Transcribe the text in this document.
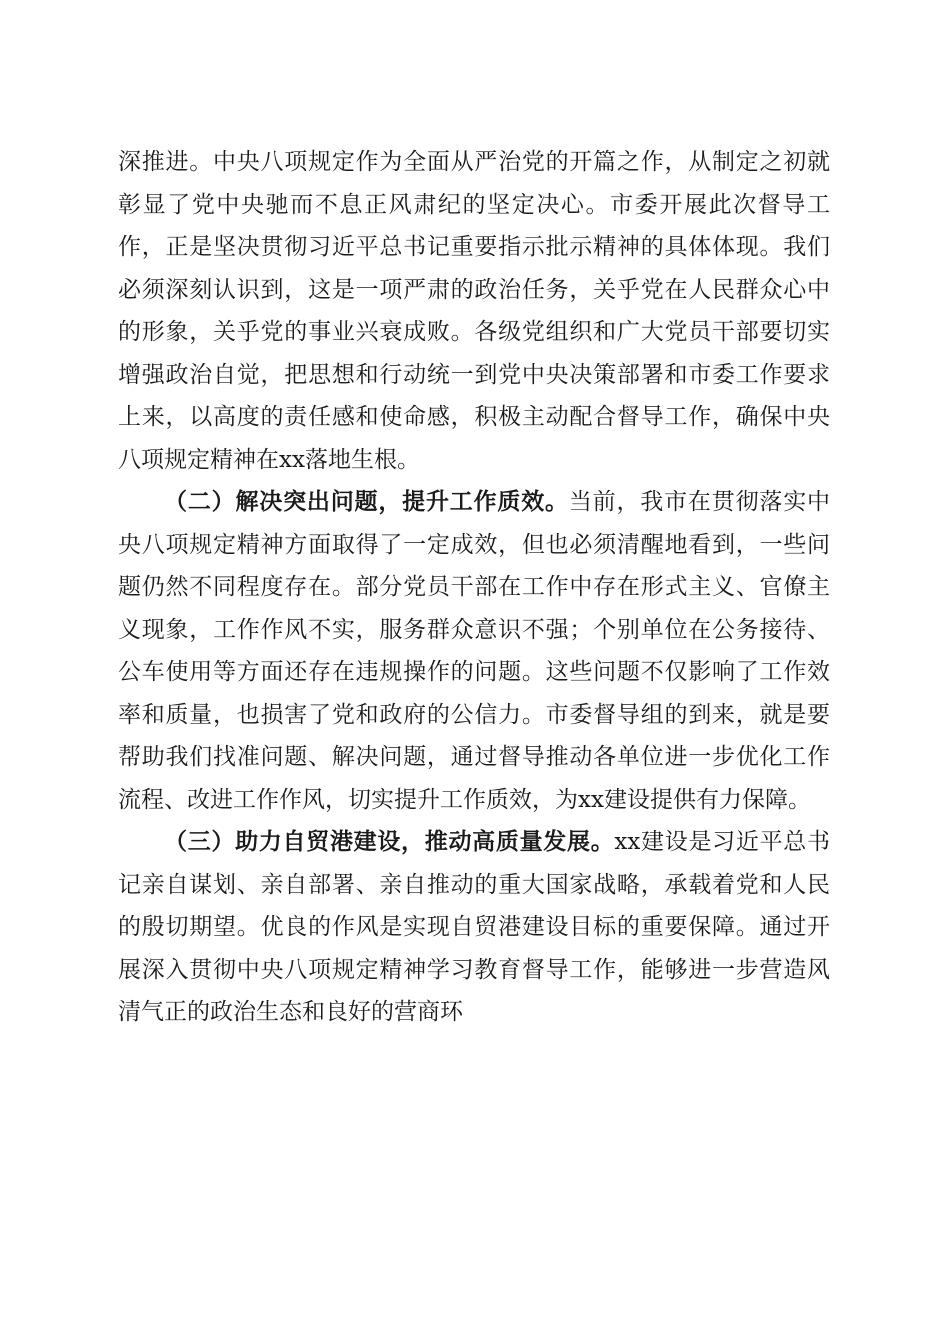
深推进。中央八项规定作为全面从严治党的开篇之作，从制定之初就彰显了党中央驰而不息正风肃纪的坚定决心。市委开展此次督导工作，正是坚决贯彻习近平总书记重要指示批示精神的具体体现。我们必须深刻认识到，这是一项严肃的政治任务，关乎党在人民群众心中的形象，关乎党的事业兴衰成败。各级党组织和广大党员干部要切实增强政治自觉，把思想和行动统一到党中央决策部署和市委工作要求上来，以高度的责任感和使命感，积极主动配合督导工作，确保中央八项规定精神在xx落地生根。

（二）解决突出问题，提升工作质效。当前，我市在贯彻落实中央八项规定精神方面取得了一定成效，但也必须清醒地看到，一些问题仍然不同程度存在。部分党员干部在工作中存在形式主义、官僚主义现象，工作作风不实，服务群众意识不强；个别单位在公务接待、公车使用等方面还存在违规操作的问题。这些问题不仅影响了工作效率和质量，也损害了党和政府的公信力。市委督导组的到来，就是要帮助我们找准问题、解决问题，通过督导推动各单位进一步优化工作流程、改进工作作风，切实提升工作质效，为xx建设提供有力保障。

（三）助力自贸港建设，推动高质量发展。xx建设是习近平总书记亲自谋划、亲自部署、亲自推动的重大国家战略，承载着党和人民的殷切期望。优良的作风是实现自贸港建设目标的重要保障。通过开展深入贯彻中央八项规定精神学习教育督导工作，能够进一步营造风清气正的政治生态和良好的营商环
